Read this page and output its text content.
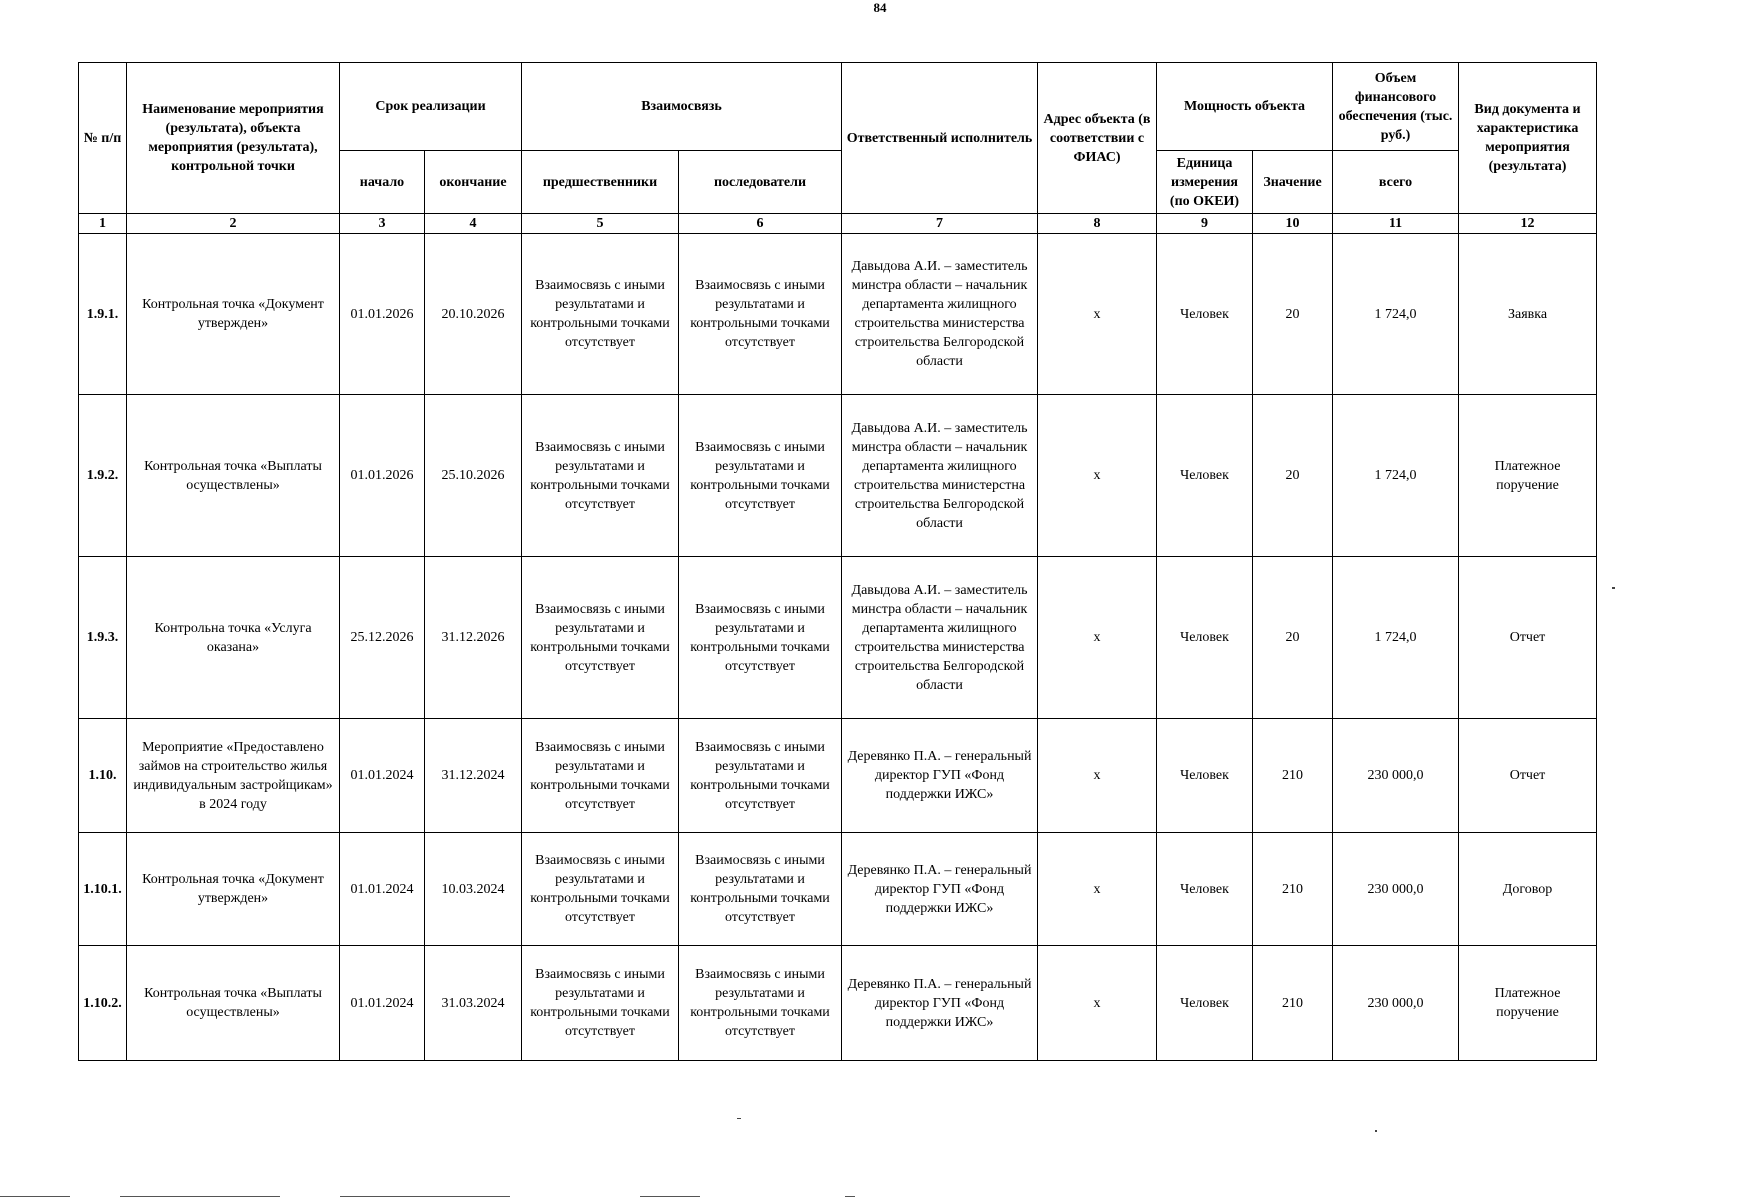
84
№ п/п	Наименование мероприятия (результата), объекта мероприятия (результата), контрольной точки	Срок реализации		Взаимосвязь		Ответственный исполнитель	Адрес объекта (в соответствии с ФИАС)	Мощность объекта		Объем финансового обеспечения (тыс. руб.)	Вид документа и характеристика мероприятия (результата)
		начало	окончание	предшественники	последователи			Единица измерения (по ОКЕИ)	Значение	всего	
1	2	3	4	5	6	7	8	9	10	11	12
1.9.1.	Контрольная точка «Документ утвержден»	01.01.2026	20.10.2026	Взаимосвязь с иными результатами и контрольными точками отсутствует	Взаимосвязь с иными результатами и контрольными точками отсутствует	Давыдова А.И. – заместитель минстра области – начальник департамента жилищного строительства министерства строительства Белгородской области	х	Человек	20	1 724,0	Заявка
1.9.2.	Контрольная точка «Выплаты осуществлены»	01.01.2026	25.10.2026	Взаимосвязь с иными результатами и контрольными точками отсутствует	Взаимосвязь с иными результатами и контрольными точками отсутствует	Давыдова А.И. – заместитель минстра области – начальник департамента жилищного строительства министерстна строительства Белгородской области	х	Человек	20	1 724,0	Платежное поручение
1.9.3.	Контрольна точка «Услуга оказана»	25.12.2026	31.12.2026	Взаимосвязь с иными результатами и контрольными точками отсутствует	Взаимосвязь с иными результатами и контрольными точками отсутствует	Давыдова А.И. – заместитель минстра области – начальник департамента жилищного строительства министерства строительства Белгородской области	х	Человек	20	1 724,0	Отчет
1.10.	Мероприятие «Предоставлено займов на строительство жилья индивидуальным застройщикам» в 2024 году	01.01.2024	31.12.2024	Взаимосвязь с иными результатами и контрольными точками отсутствует	Взаимосвязь с иными результатами и контрольными точками отсутствует	Деревянко П.А. – генеральный директор ГУП «Фонд поддержки ИЖС»	х	Человек	210	230 000,0	Отчет
1.10.1.	Контрольная точка «Документ утвержден»	01.01.2024	10.03.2024	Взаимосвязь с иными результатами и контрольными точками отсутствует	Взаимосвязь с иными результатами и контрольными точками отсутствует	Деревянко П.А. – генеральный директор ГУП «Фонд поддержки ИЖС»	х	Человек	210	230 000,0	Договор
1.10.2.	Контрольная точка «Выплаты осуществлены»	01.01.2024	31.03.2024	Взаимосвязь с иными результатами и контрольными точками отсутствует	Взаимосвязь с иными результатами и контрольными точками отсутствует	Деревянко П.А. – генеральный директор ГУП «Фонд поддержки ИЖС»	х	Человек	210	230 000,0	Платежное поручение
